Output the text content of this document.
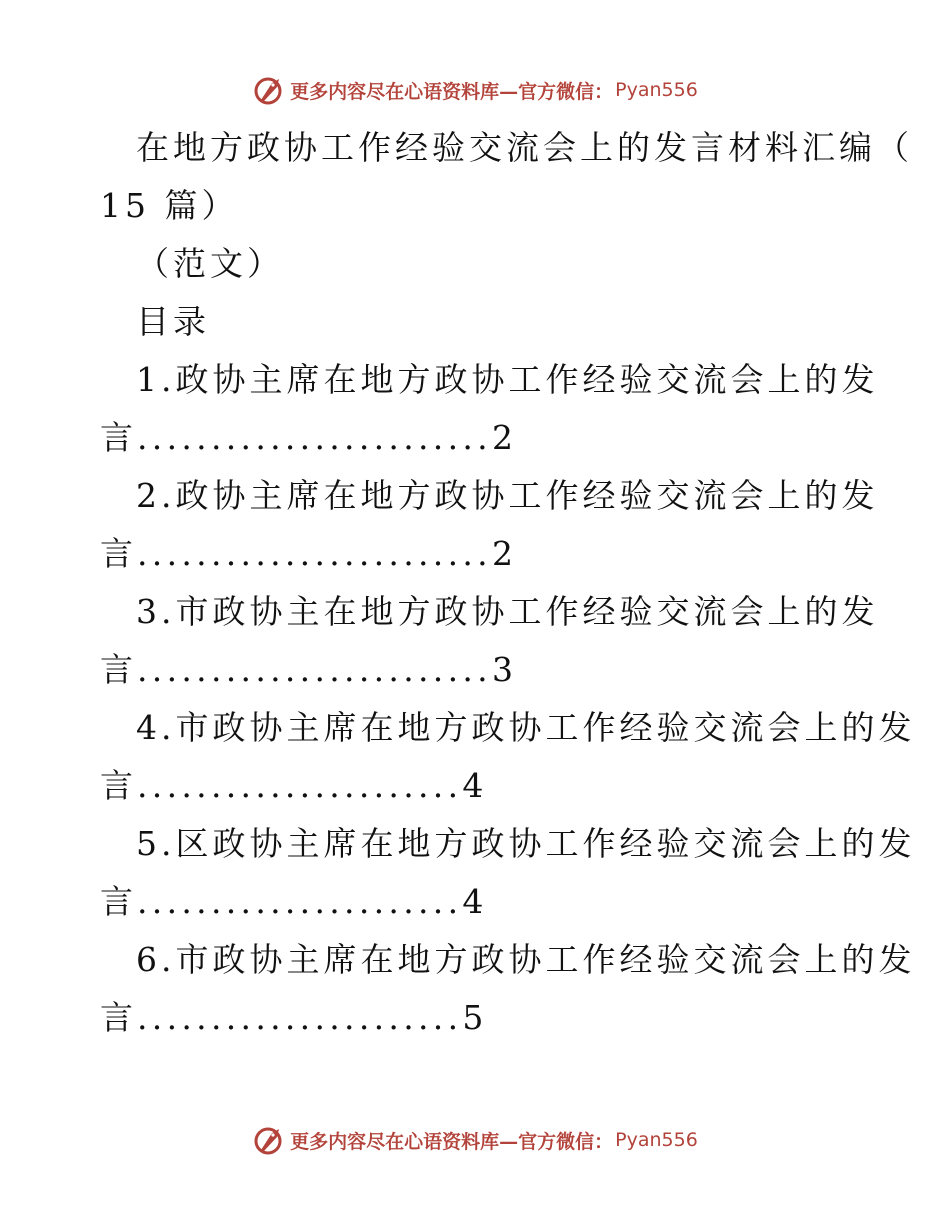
更多内容尽在心语资料库—官方微信： Pyan556
在地方政协工作经验交流会上的发言材料汇编（
15 篇）
（范文）
目录
1.政协主席在地方政协工作经验交流会上的发
言........................2
2.政协主席在地方政协工作经验交流会上的发
言........................2
3.市政协主在地方政协工作经验交流会上的发
言........................3
4.市政协主席在地方政协工作经验交流会上的发
言......................4
5.区政协主席在地方政协工作经验交流会上的发
言......................4
6.市政协主席在地方政协工作经验交流会上的发
言......................5
更多内容尽在心语资料库—官方微信： Pyan556
